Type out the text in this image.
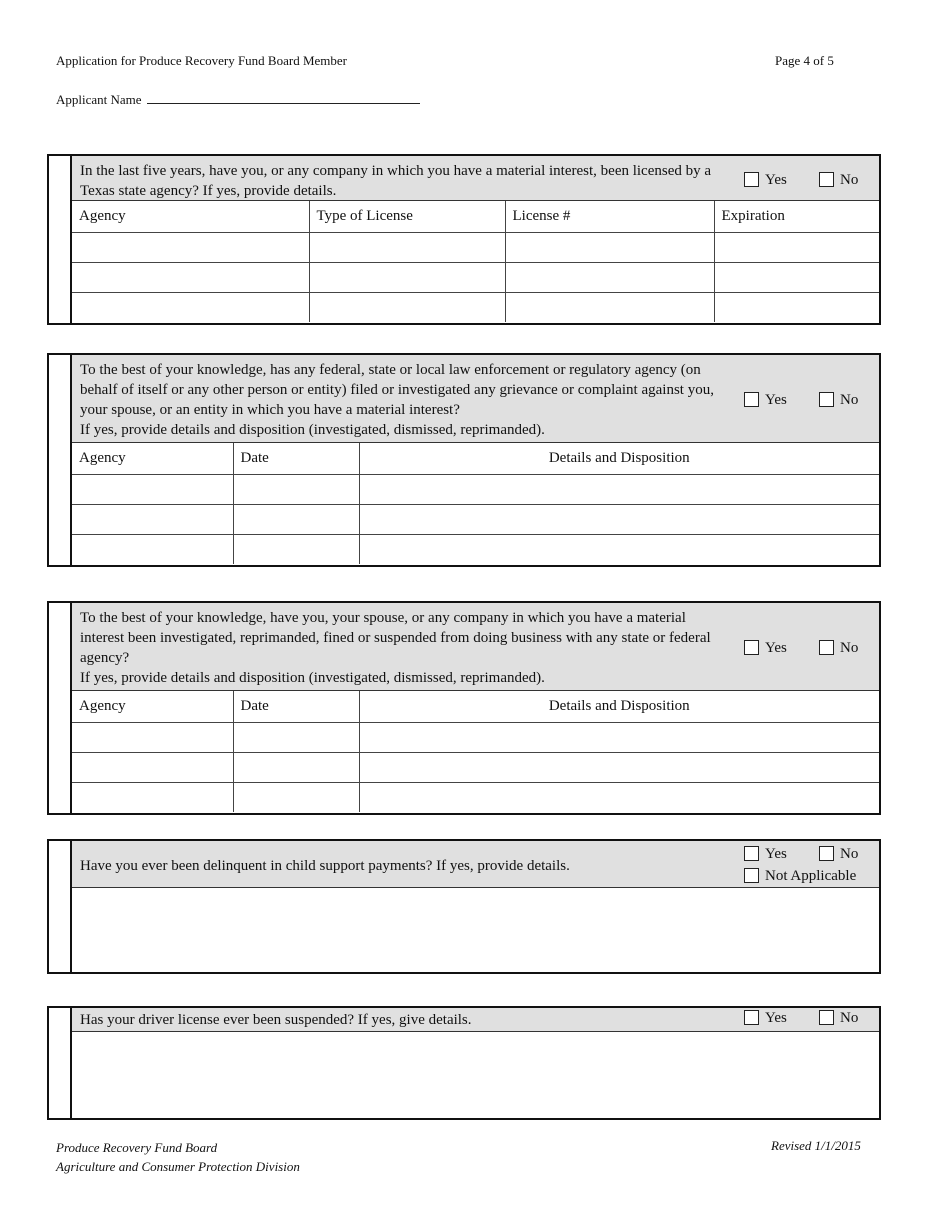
Application for Produce Recovery Fund Board Member	Page 4 of 5
Applicant Name
In the last five years, have you, or any company in which you have a material interest, been licensed by a Texas state agency? If yes, provide details.
Yes	No
Agency	Type of License	License #	Expiration

To the best of your knowledge, has any federal, state or local law enforcement or regulatory agency (on behalf of itself or any other person or entity) filed or investigated any grievance or complaint against you, your spouse, or an entity in which you have a material interest?
If yes, provide details and disposition (investigated, dismissed, reprimanded).
Yes	No
Agency	Date	Details and Disposition

To the best of your knowledge, have you, your spouse, or any company in which you have a material interest been investigated, reprimanded, fined or suspended from doing business with any state or federal agency?
If yes, provide details and disposition (investigated, dismissed, reprimanded).
Yes	No
Agency	Date	Details and Disposition

Have you ever been delinquent in child support payments? If yes, provide details.
Yes	No
Not Applicable
Has your driver license ever been suspended? If yes, give details.	Yes	No
Produce Recovery Fund Board
Agriculture and Consumer Protection Division
Revised 1/1/2015
